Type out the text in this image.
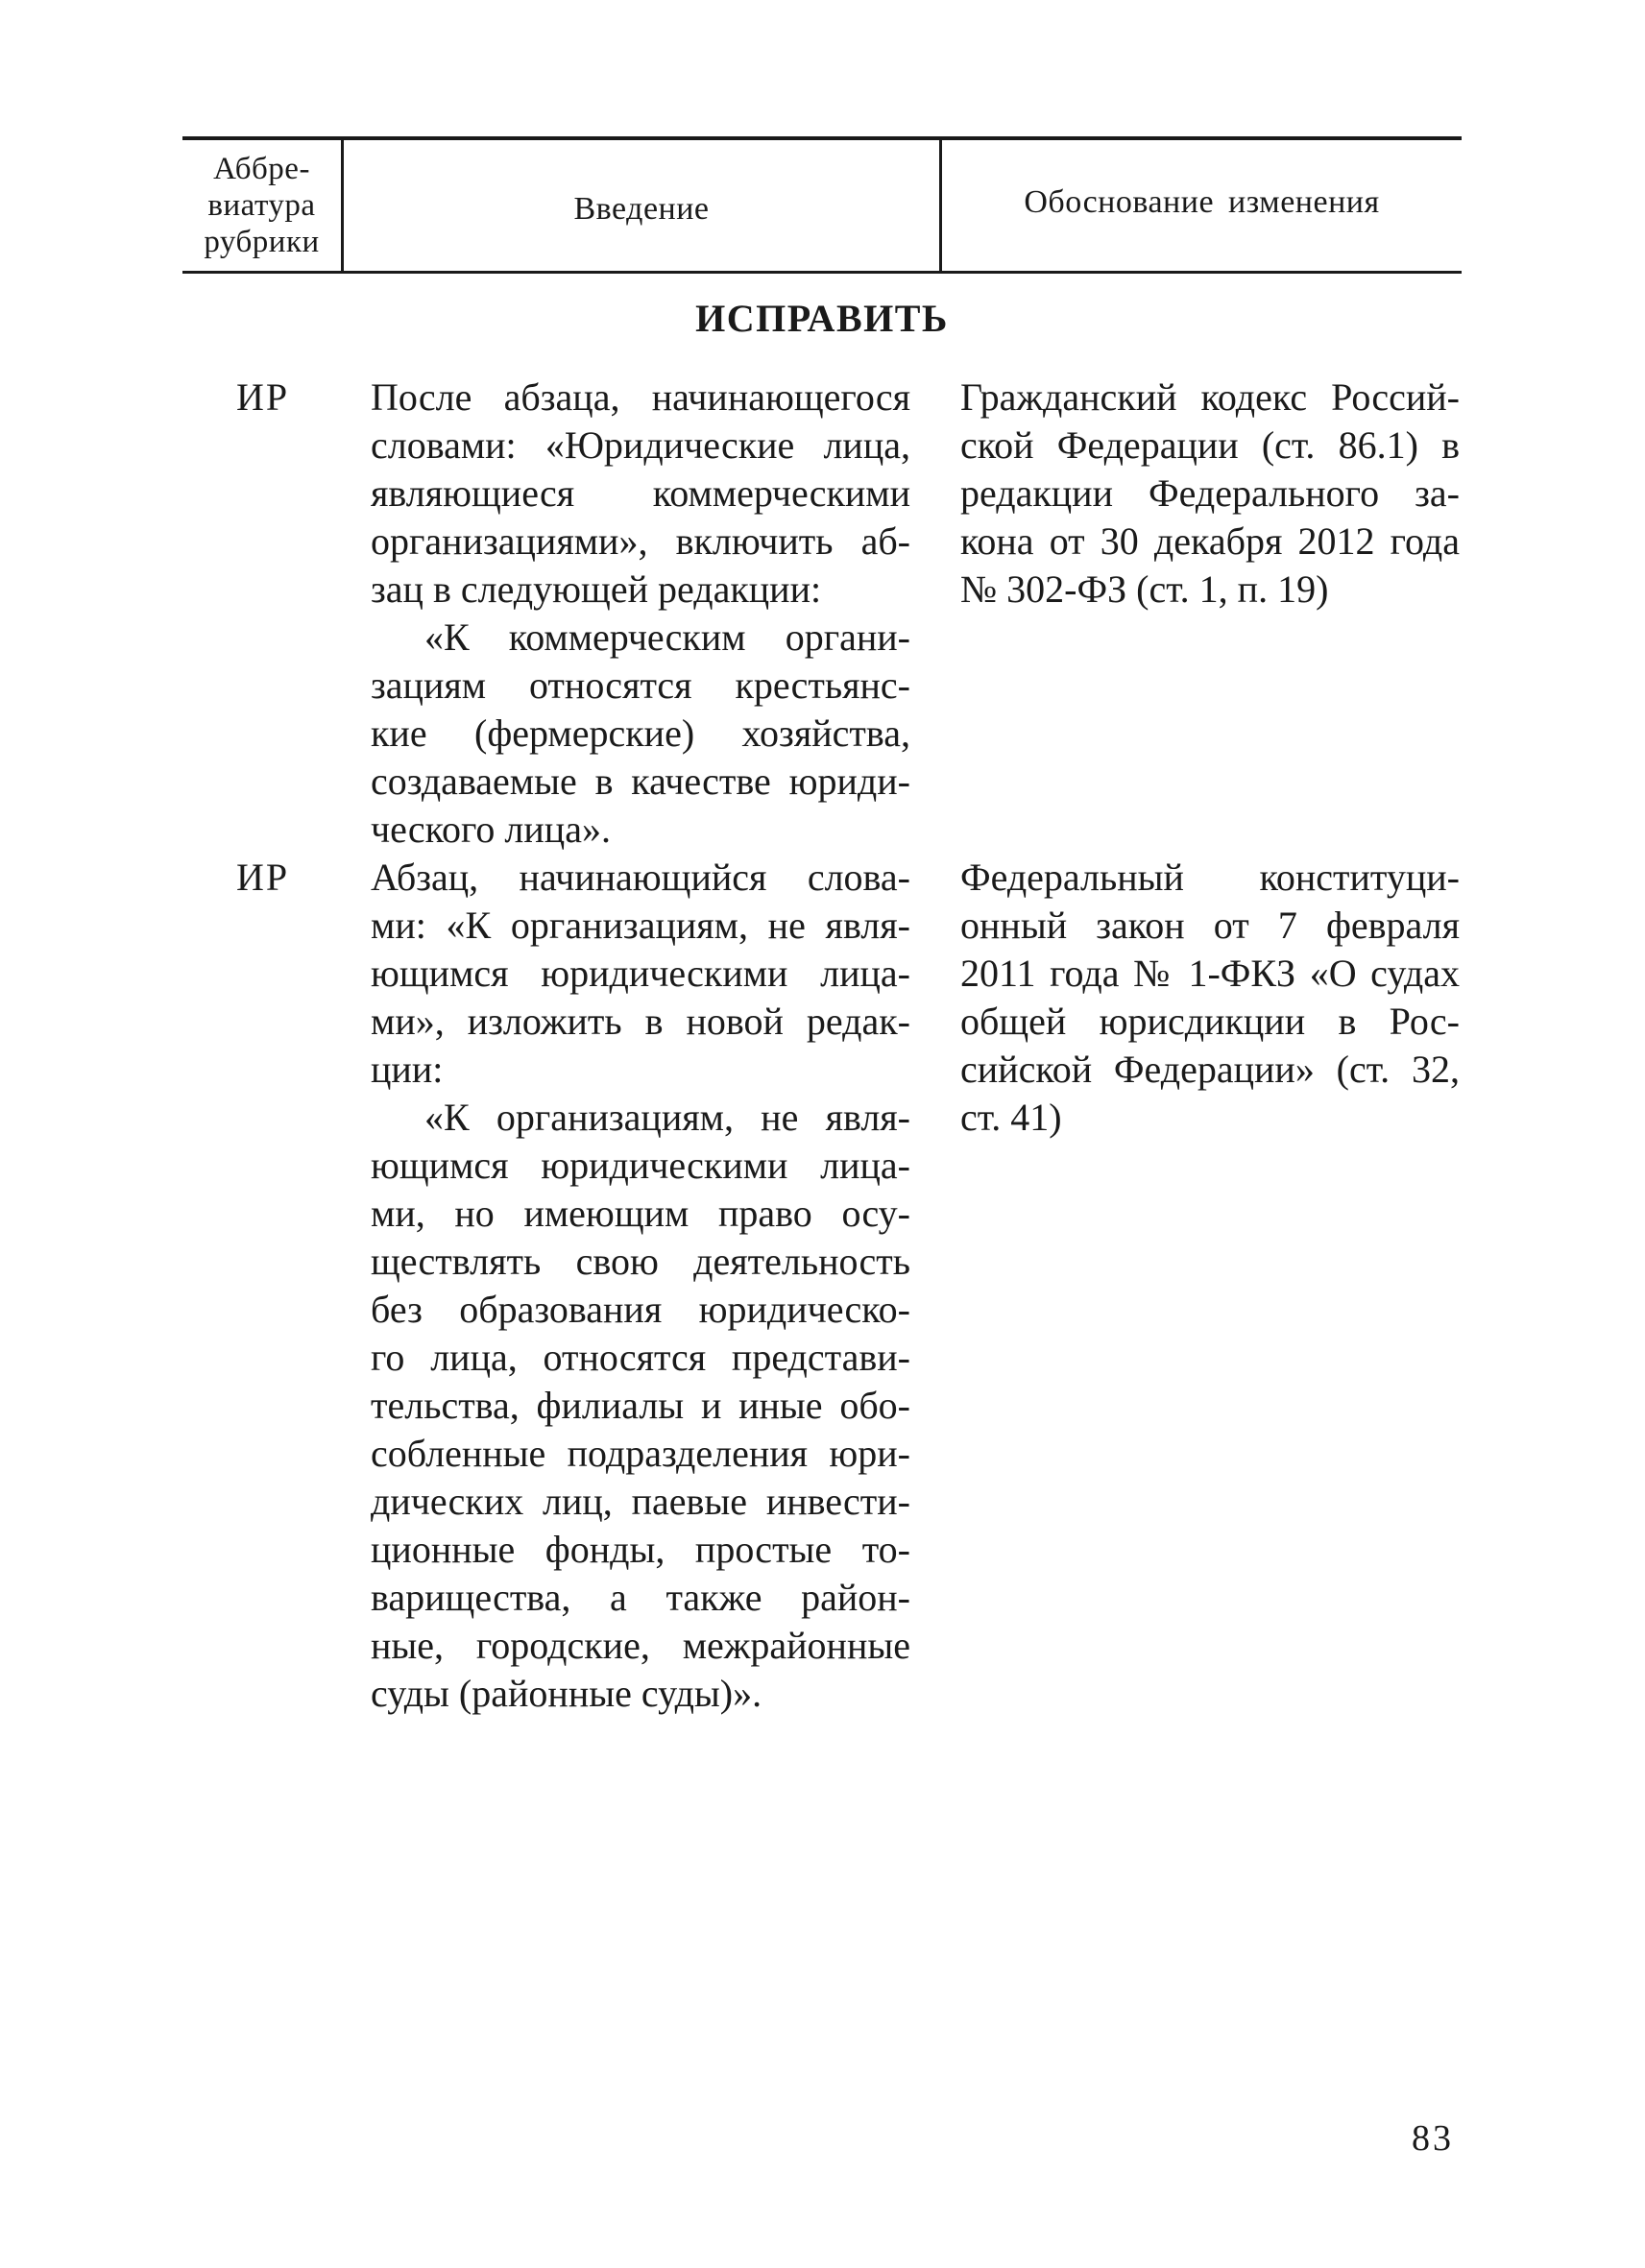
Аббре-
виатура
рубрики
Введение	Обоснование изменения
ИСПРАВИТЬ
ИР После абзаца, начинающегося
словами: «Юридические лица,
являющиеся коммерческими
организациями», включить аб-
зац в следующей редакции:
«К коммерческим органи-
зациям относятся крестьянс-
кие (фермерские) хозяйства,
создаваемые в качестве юриди-
ческого лица».
Гражданский кодекс Россий-
ской Федерации (ст. 86.1) в
редакции Федерального за-
кона от 30 декабря 2012 года
№ 302-ФЗ (ст. 1, п. 19)
ИР Абзац, начинающийся слова-
ми: «К организациям, не явля-
ющимся юридическими лица-
ми», изложить в новой редак-
ции:
«К организациям, не явля-
ющимся юридическими лица-
ми, но имеющим право осу-
ществлять свою деятельность
без образования юридическо-
го лица, относятся представи-
тельства, филиалы и иные обо-
собленные подразделения юри-
дических лиц, паевые инвести-
ционные фонды, простые то-
варищества, а также район-
ные, городские, межрайонные
суды (районные суды)».
Федеральный конституци-
онный закон от 7 февраля
2011 года № 1-ФКЗ «О судах
общей юрисдикции в Рос-
сийской Федерации» (ст. 32,
ст. 41)
83
